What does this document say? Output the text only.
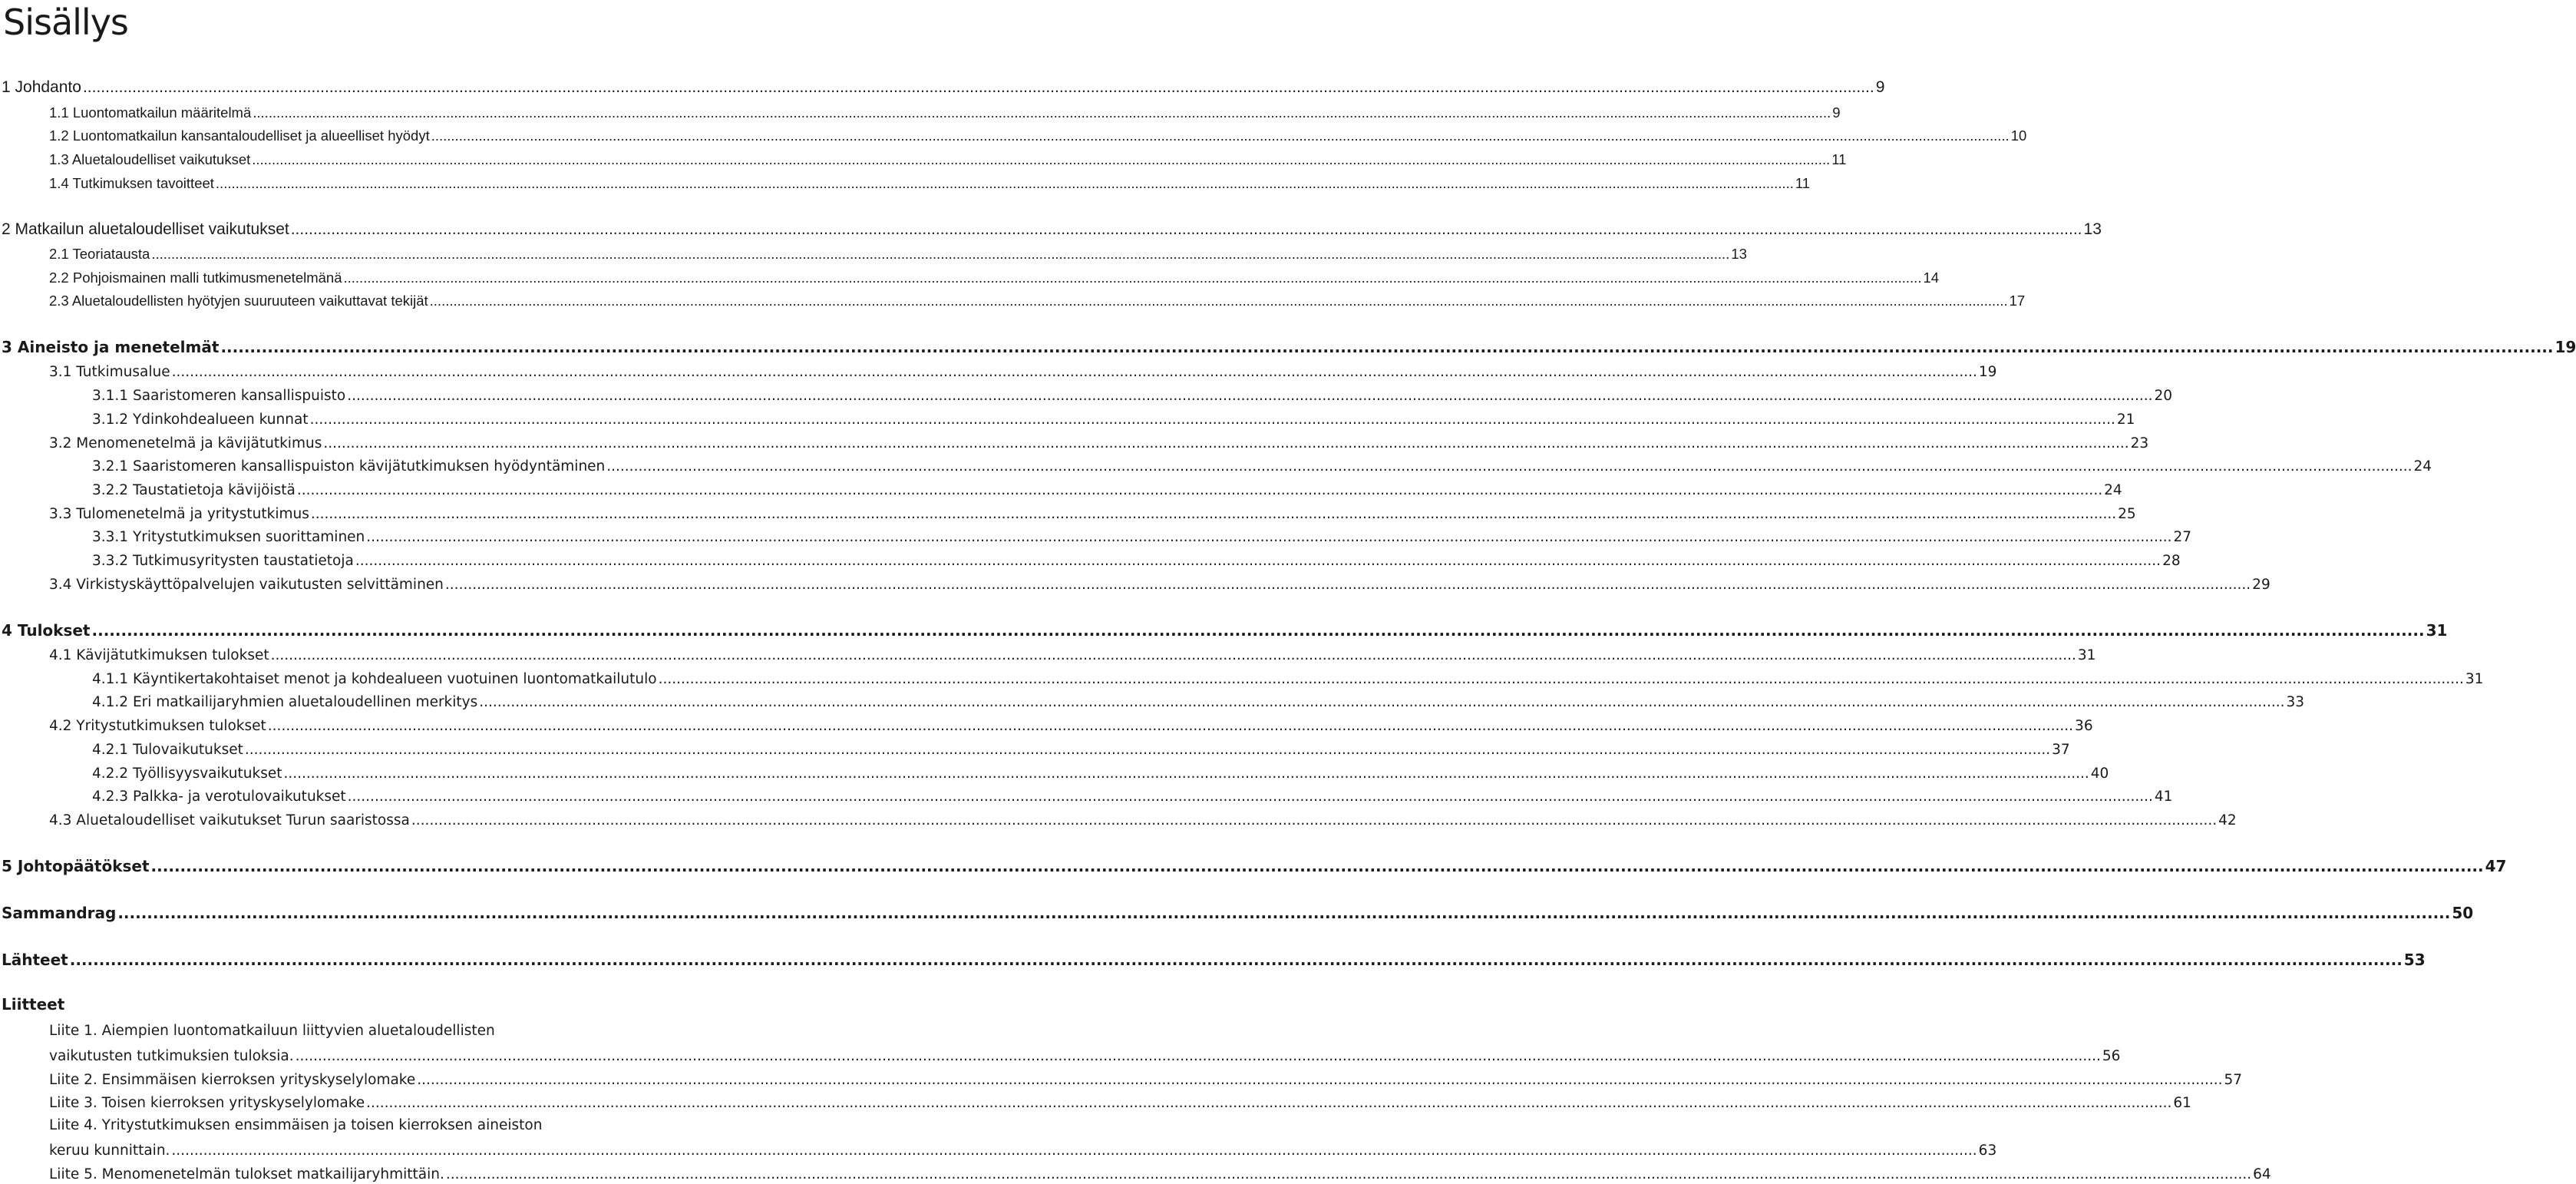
Sisällys
1 Johdanto ................................................................................................................................................................................................................................................................................................................................................................................................................ 9
1.1 Luontomatkailun määritelmä ................................................................................................................................................................................................................................................................................................................................................................................................................ 9
1.2 Luontomatkailun kansantaloudelliset ja alueelliset hyödyt ................................................................................................................................................................................................................................................................................................................................................................................................................ 10
1.3 Aluetaloudelliset vaikutukset ................................................................................................................................................................................................................................................................................................................................................................................................................ 11
1.4 Tutkimuksen tavoitteet ................................................................................................................................................................................................................................................................................................................................................................................................................ 11
2 Matkailun aluetaloudelliset vaikutukset ................................................................................................................................................................................................................................................................................................................................................................................................................ 13
2.1 Teoriatausta ................................................................................................................................................................................................................................................................................................................................................................................................................ 13
2.2 Pohjoismainen malli tutkimusmenetelmänä ................................................................................................................................................................................................................................................................................................................................................................................................................ 14
2.3 Aluetaloudellisten hyötyjen suuruuteen vaikuttavat tekijät ................................................................................................................................................................................................................................................................................................................................................................................................................ 17
3 Aineisto ja menetelmät ................................................................................................................................................................................................................................................................................................................................................................................................................ 19
3.1 Tutkimusalue ................................................................................................................................................................................................................................................................................................................................................................................................................ 19
3.1.1 Saaristomeren kansallispuisto ................................................................................................................................................................................................................................................................................................................................................................................................................ 20
3.1.2 Ydinkohdealueen kunnat ................................................................................................................................................................................................................................................................................................................................................................................................................ 21
3.2 Menomenetelmä ja kävijätutkimus ................................................................................................................................................................................................................................................................................................................................................................................................................ 23
3.2.1 Saaristomeren kansallispuiston kävijätutkimuksen hyödyntäminen ................................................................................................................................................................................................................................................................................................................................................................................................................ 24
3.2.2 Taustatietoja kävijöistä ................................................................................................................................................................................................................................................................................................................................................................................................................ 24
3.3 Tulomenetelmä ja yritystutkimus ................................................................................................................................................................................................................................................................................................................................................................................................................ 25
3.3.1 Yritystutkimuksen suorittaminen ................................................................................................................................................................................................................................................................................................................................................................................................................ 27
3.3.2 Tutkimusyritysten taustatietoja ................................................................................................................................................................................................................................................................................................................................................................................................................ 28
3.4 Virkistyskäyttöpalvelujen vaikutusten selvittäminen ................................................................................................................................................................................................................................................................................................................................................................................................................ 29
4 Tulokset ................................................................................................................................................................................................................................................................................................................................................................................................................ 31
4.1 Kävijätutkimuksen tulokset ................................................................................................................................................................................................................................................................................................................................................................................................................ 31
4.1.1 Käyntikertakohtaiset menot ja kohdealueen vuotuinen luontomatkailutulo ................................................................................................................................................................................................................................................................................................................................................................................................................ 31
4.1.2 Eri matkailijaryhmien aluetaloudellinen merkitys ................................................................................................................................................................................................................................................................................................................................................................................................................ 33
4.2 Yritystutkimuksen tulokset ................................................................................................................................................................................................................................................................................................................................................................................................................ 36
4.2.1 Tulovaikutukset ................................................................................................................................................................................................................................................................................................................................................................................................................ 37
4.2.2 Työllisyysvaikutukset ................................................................................................................................................................................................................................................................................................................................................................................................................ 40
4.2.3 Palkka- ja verotulovaikutukset ................................................................................................................................................................................................................................................................................................................................................................................................................ 41
4.3 Aluetaloudelliset vaikutukset Turun saaristossa ................................................................................................................................................................................................................................................................................................................................................................................................................ 42
5 Johtopäätökset ................................................................................................................................................................................................................................................................................................................................................................................................................ 47
Sammandrag ................................................................................................................................................................................................................................................................................................................................................................................................................ 50
Lähteet ................................................................................................................................................................................................................................................................................................................................................................................................................ 53
Liitteet
Liite 1. Aiempien luontomatkailuun liittyvien aluetaloudellisten
vaikutusten tutkimuksien tuloksia. ................................................................................................................................................................................................................................................................................................................................................................................................................ 56
Liite 2. Ensimmäisen kierroksen yrityskyselylomake ................................................................................................................................................................................................................................................................................................................................................................................................................ 57
Liite 3. Toisen kierroksen yrityskyselylomake ................................................................................................................................................................................................................................................................................................................................................................................................................ 61
Liite 4. Yritystutkimuksen ensimmäisen ja toisen kierroksen aineiston
keruu kunnittain. ................................................................................................................................................................................................................................................................................................................................................................................................................ 63
Liite 5. Menomenetelmän tulokset matkailijaryhmittäin. ................................................................................................................................................................................................................................................................................................................................................................................................................ 64
